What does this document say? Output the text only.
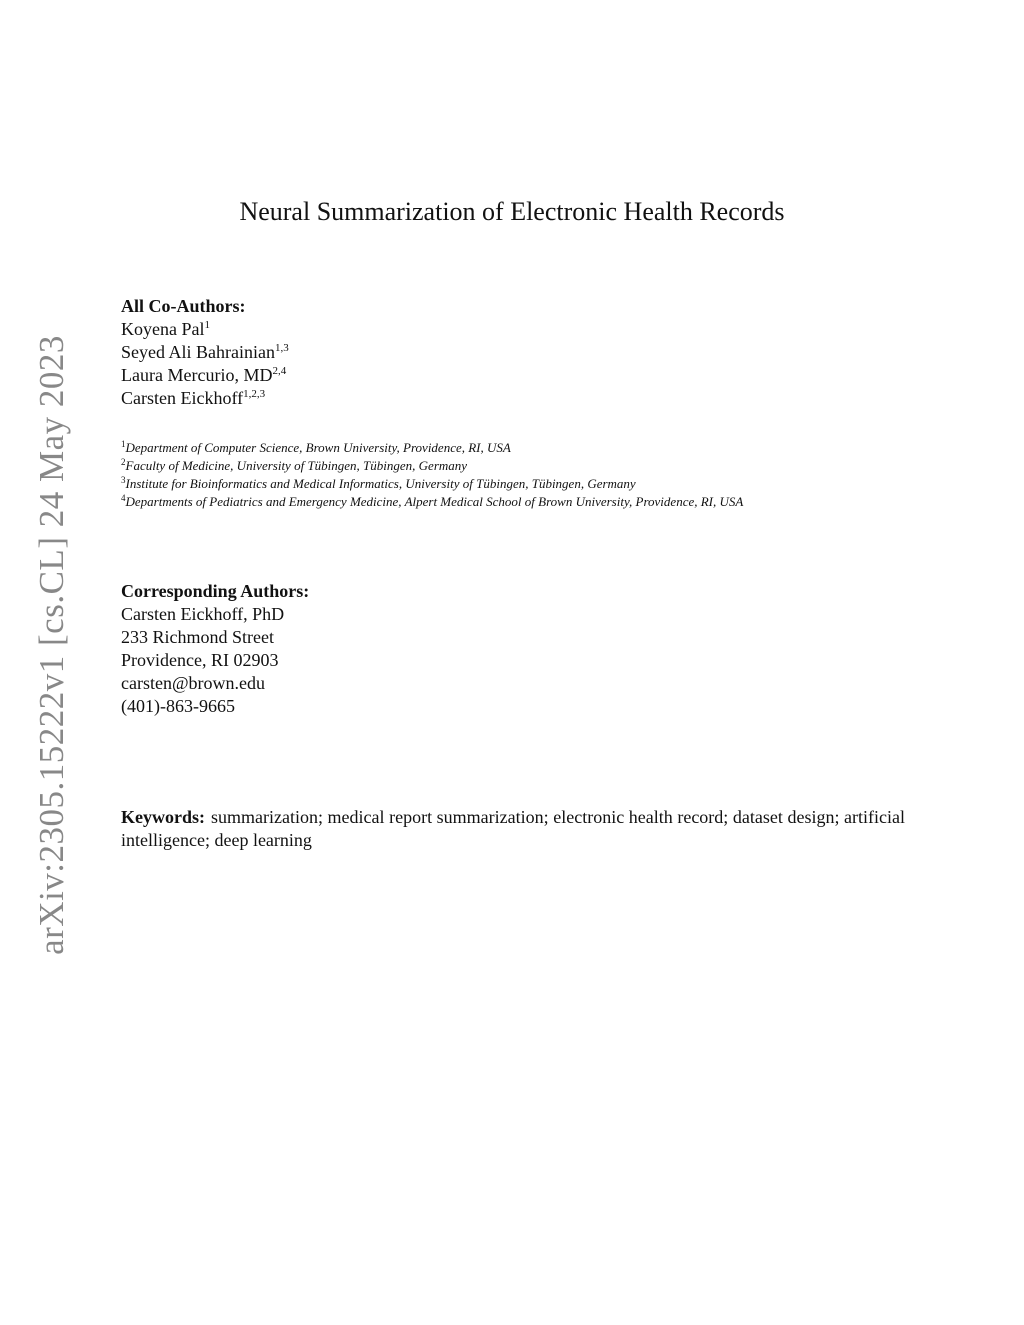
arXiv:2305.15222v1 [cs.CL] 24 May 2023
Neural Summarization of Electronic Health Records
All Co-Authors:
Koyena Pal$^1$
Seyed Ali Bahrainian$^{1,3}$
Laura Mercurio, MD$^{2,4}$
Carsten Eickhoff$^{1,2,3}$
$^1$Department of Computer Science, Brown University, Providence, RI, USA
$^2$Faculty of Medicine, University of Tübingen, Tübingen, Germany
$^3$Institute for Bioinformatics and Medical Informatics, University of Tübingen, Tübingen, Germany
$^4$Departments of Pediatrics and Emergency Medicine, Alpert Medical School of Brown University, Providence, RI, USA
Corresponding Authors:
Carsten Eickhoff, PhD
233 Richmond Street
Providence, RI 02903
carsten@brown.edu
(401)-863-9665
Keywords: summarization; medical report summarization; electronic health record; dataset design; artificial intelligence; deep learning
